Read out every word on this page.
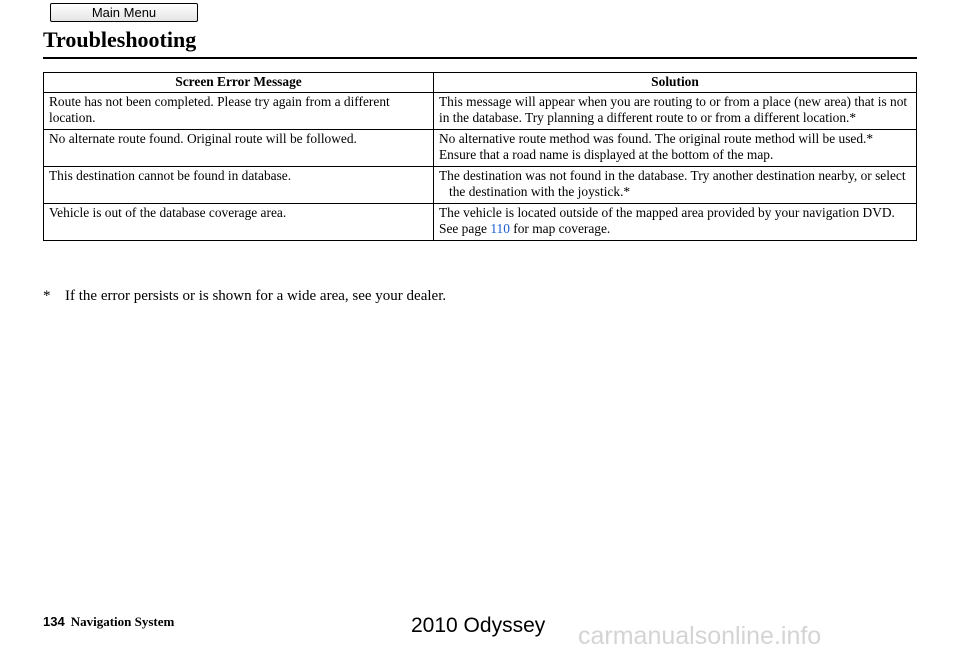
Main Menu
Troubleshooting
Screen Error Message	Solution
Route has not been completed. Please try again from a different location.	This message will appear when you are routing to or from a place (new area) that is not in the database. Try planning a different route to or from a different location.*
No alternate route found. Original route will be followed.	No alternative route method was found. The original route method will be used.*
Ensure that a road name is displayed at the bottom of the map.

This destination cannot be found in database.	The destination was not found in the database. Try another destination nearby, or select the destination with the joystick.*

Vehicle is out of the database coverage area.	The vehicle is located outside of the mapped area provided by your navigation DVD. See page 110 for map coverage.
* If the error persists or is shown for a wide area, see your dealer.
134 Navigation System	2010 Odyssey carmanualsonline.info
